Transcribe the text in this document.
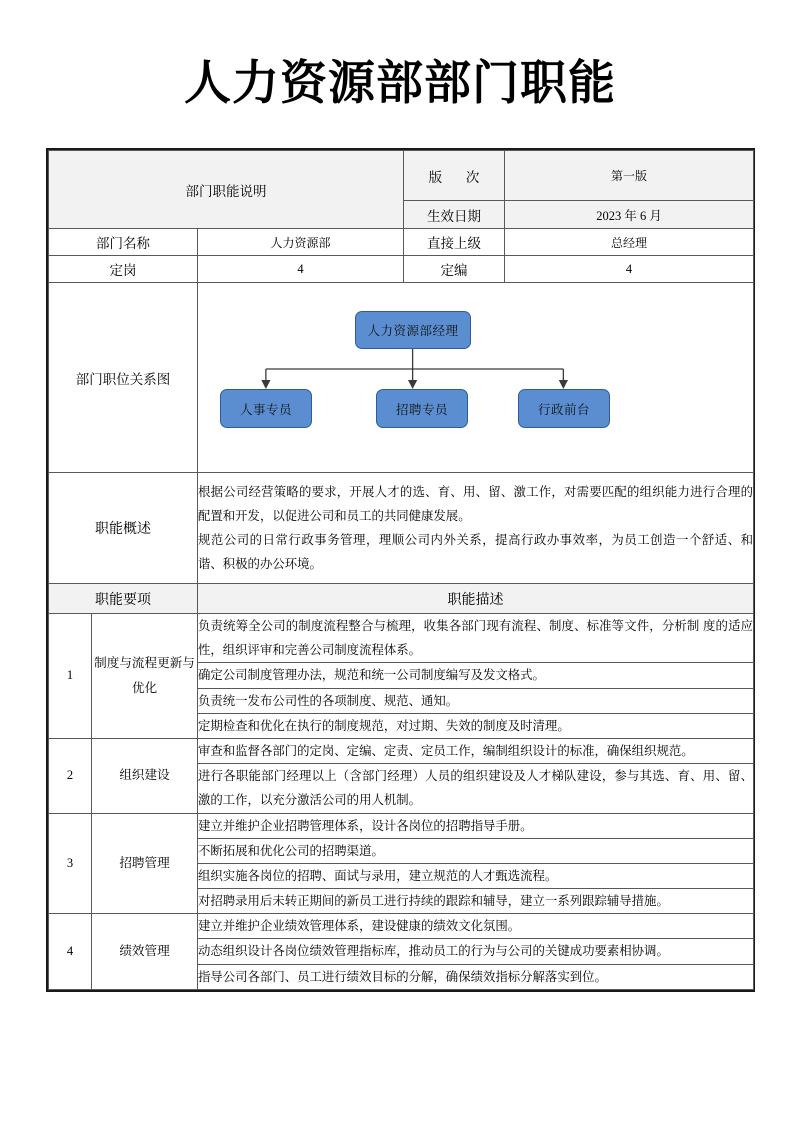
人力资源部部门职能
部门职能说明			版 次	第一版
			生效日期	2023 年 6 月
部门名称		人力资源部	直接上级	总经理
定岗		4	定编	4
部门职位关系图		人力资源部经理
人事专员 招聘专员 行政前台		

职能概述		根据公司经营策略的要求，开展人才的选、育、用、留、激工作，对需要匹配的组织能力进行合理的配置和开发，以促进公司和员工的共同健康发展。

规范公司的日常行政事务管理，理顺公司内外关系，提高行政办事效率，为员工创造一个舒适、和谐、积极的办公环境。		

职能要项		职能描述		
1	制度与流程更新与优化	负责统筹全公司的制度流程整合与梳理，收集各部门现有流程、制度、标准等文件，分析制 度的适应性，组织评审和完善公司制度流程体系。		
		确定公司制度管理办法，规范和统一公司制度编写及发文格式。		
		负责统一发布公司性的各项制度、规范、通知。		
		定期检查和优化在执行的制度规范，对过期、失效的制度及时清理。		
2	组织建设	审查和监督各部门的定岗、定编、定责、定员工作，编制组织设计的标准，确保组织规范。		
		进行各职能部门经理以上（含部门经理）人员的组织建设及人才梯队建设，参与其选、育、用、留、激的工作，以充分激活公司的用人机制。		
3	招聘管理	建立并维护企业招聘管理体系，设计各岗位的招聘指导手册。		
		不断拓展和优化公司的招聘渠道。		
		组织实施各岗位的招聘、面试与录用，建立规范的人才甄选流程。		
		对招聘录用后未转正期间的新员工进行持续的跟踪和辅导，建立一系列跟踪辅导措施。		
4	绩效管理	建立并维护企业绩效管理体系，建设健康的绩效文化氛围。		
		动态组织设计各岗位绩效管理指标库，推动员工的行为与公司的关键成功要素相协调。		
		指导公司各部门、员工进行绩效目标的分解，确保绩效指标分解落实到位。		
